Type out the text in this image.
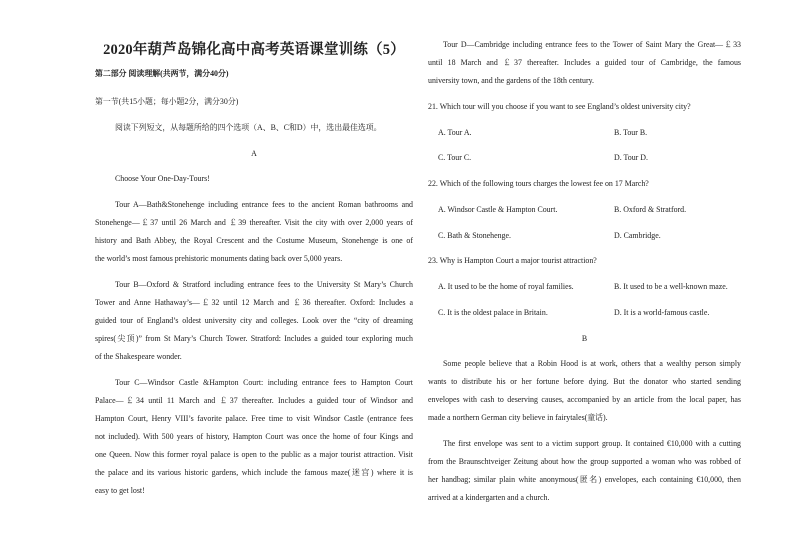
2020年葫芦岛锦化高中高考英语课堂训练（5）
第二部分 阅读理解(共两节，满分40分)
第一节(共15小题；每小题2分，满分30分)
阅读下列短文，从每题所给的四个选项（A、B、C和D）中，选出最佳选项。
A
Choose Your One-Day-Tours!
Tour A—Bath&Stonehenge including entrance fees to the ancient Roman bathrooms and
Stonehenge—￡37 until 26 March and ￡39 thereafter. Visit the city with over 2,000 years of
history and Bath Abbey, the Royal Crescent and the Costume Museum, Stonehenge is one of
the world’s most famous prehistoric monuments dating back over 5,000 years.
Tour B—Oxford & Stratford including entrance fees to the University St Mary’s Church
Tower and Anne Hathaway’s—￡32 until 12 March and ￡36 thereafter. Oxford: Includes a
guided tour of England’s oldest university city and colleges. Look over the “city of dreaming
spires(尖顶)” from St Mary’s Church Tower. Stratford: Includes a guided tour exploring much
of the Shakespeare wonder.
Tour C—Windsor Castle &Hampton Court: including entrance fees to Hampton Court
Palace—￡34 until 11 March and ￡37 thereafter. Includes a guided tour of Windsor and
Hampton Court, Henry VIII’s favorite palace. Free time to visit Windsor Castle (entrance fees
not included). With 500 years of history, Hampton Court was once the home of four Kings and
one Queen. Now this former royal palace is open to the public as a major tourist attraction. Visit
the palace and its various historic gardens, which include the famous maze(迷宫) where it is
easy to get lost!
Tour D—Cambridge including entrance fees to the Tower of Saint Mary the Great—￡33
until 18 March and ￡37 thereafter. Includes a guided tour of Cambridge, the famous
university town, and the gardens of the 18th century.
21. Which tour will you choose if you want to see England’s oldest university city?
A. Tour A.	B. Tour B.
C. Tour C.	D. Tour D.
22. Which of the following tours charges the lowest fee on 17 March?
A. Windsor Castle & Hampton Court.	B. Oxford & Stratford.
C. Bath & Stonehenge.	D. Cambridge.
23. Why is Hampton Court a major tourist attraction?
A. It used to be the home of royal families.	B. It used to be a well-known maze.
C. It is the oldest palace in Britain.	D. It is a world-famous castle.
B
Some people believe that a Robin Hood is at work, others that a wealthy person simply
wants to distribute his or her fortune before dying. But the donator who started sending
envelopes with cash to deserving causes, accompanied by an article from the local paper, has
made a northern German city believe in fairytales(童话).
The first envelope was sent to a victim support group. It contained €10,000 with a cutting
from the Braunschtveiger Zeitung about how the group supported a woman who was robbed of
her handbag; similar plain white anonymous(匿名) envelopes, each containing €10,000, then
arrived at a kindergarten and a church.
